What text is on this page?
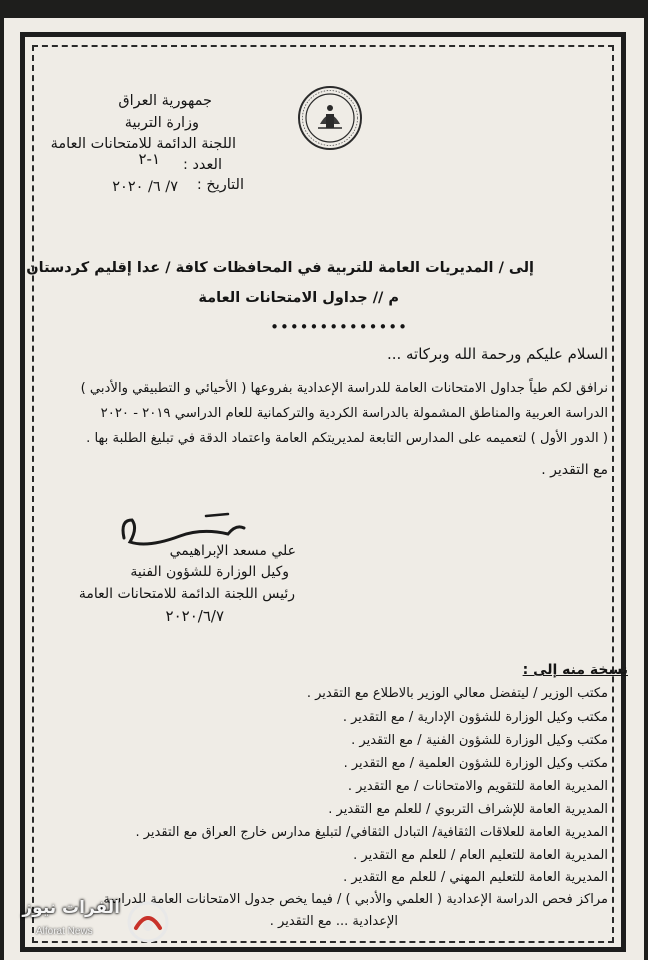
جمهورية العراق
وزارة التربية
اللجنة الدائمة للامتحانات العامة
العدد :
١-٢
التاريخ :
٧/ ٦/ ٢٠٢٠
إلى / المديريات العامة للتربية في المحافظات كافة / عدا إقليم كردستان
م // جداول الامتحانات العامة
••••••••••••••
السلام عليكم ورحمة الله وبركاته ...
نرافق لكم طياً جداول الامتحانات العامة للدراسة الإعدادية بفروعها ( الأحيائي و التطبيقي والأدبي )
الدراسة العربية والمناطق المشمولة بالدراسة الكردية والتركمانية للعام الدراسي ٢٠١٩ - ٢٠٢٠
( الدور الأول ) لتعميمه على المدارس التابعة لمديريتكم العامة واعتماد الدقة في تبليغ الطلبة بها .
مع التقدير .
علي مسعد الإبراهيمي
وكيل الوزارة للشؤون الفنية
رئيس اللجنة الدائمة للامتحانات العامة
٢٠٢٠/٦/٧
نسخة منه إلى :
مكتب الوزير / ليتفضل معالي الوزير بالاطلاع مع التقدير .
مكتب وكيل الوزارة للشؤون الإدارية / مع التقدير .
مكتب وكيل الوزارة للشؤون الفنية / مع التقدير .
مكتب وكيل الوزارة للشؤون العلمية / مع التقدير .
المديرية العامة للتقويم والامتحانات / مع التقدير .
المديرية العامة للإشراف التربوي / للعلم مع التقدير .
المديرية العامة للعلاقات الثقافية/ التبادل الثقافي/ لتبليغ مدارس خارج العراق مع التقدير .
المديرية العامة للتعليم العام / للعلم مع التقدير .
المديرية العامة للتعليم المهني / للعلم مع التقدير .
مراكز فحص الدراسة الإعدادية ( العلمي والأدبي ) / فيما يخص جدول الامتحانات العامة للدراسة
الإعدادية ... مع التقدير .
الفرات نيوز
Alforat News
